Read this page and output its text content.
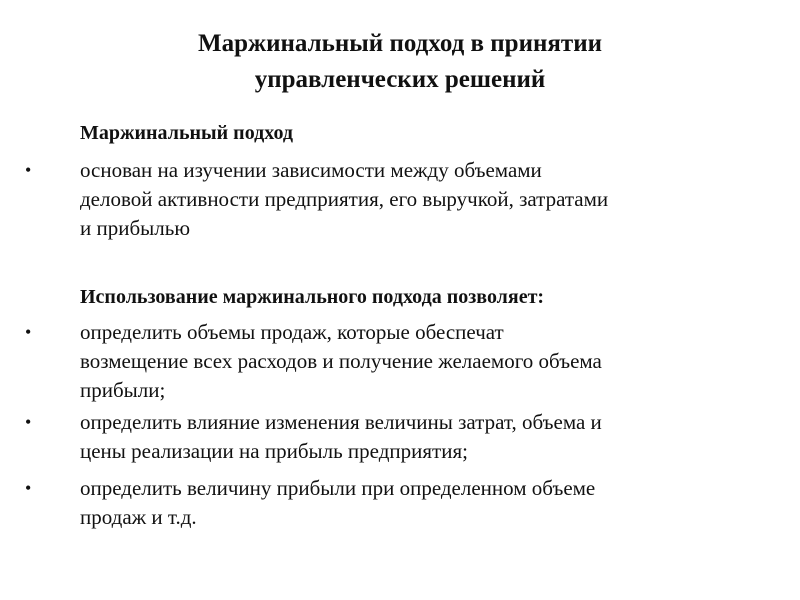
Маржинальный подход в принятии
управленческих решений

Маржинальный подход

• основан на изучении зависимости между объемами
деловой активности предприятия, его выручкой, затратами
и прибылью

Использование маржинального подхода позволяет:

• определить объемы продаж, которые обеспечат
возмещение всех расходов и получение желаемого объема
прибыли;
• определить влияние изменения величины затрат, объема и
цены реализации на прибыль предприятия;
• определить величину прибыли при определенном объеме
продаж и т.д.
